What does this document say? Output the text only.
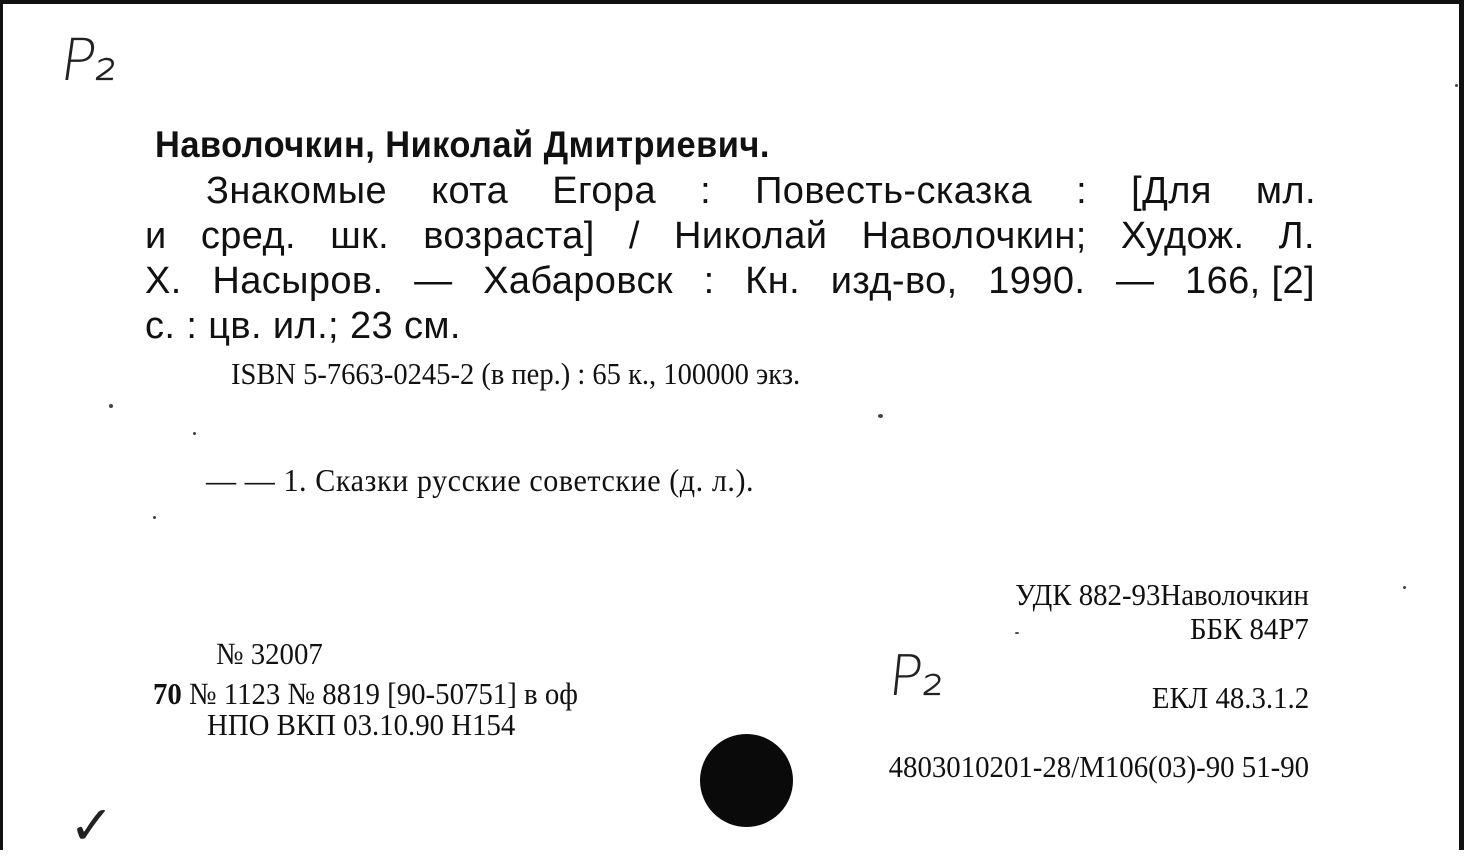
Р₂
Наволочкин, Николай Дмитриевич.
Знакомые кота Егора : Повесть-сказка : [Для мл.
и сред. шк. возраста] / Николай Наволочкин; Худож. Л.
Х. Насыров. — Хабаровск : Кн. изд-во, 1990. — 166, [2]
с. : цв. ил.; 23 см.
ISBN 5-7663-0245-2 (в пер.) : 65 к., 100000 экз.
— — 1. Сказки русские советские (д. л.).
УДК 882-93Наволочкин
ББК 84Р7
№ 32007
70 № 1123 № 8819 [90-50751] в оф
НПО ВКП 03.10.90 Н154
Р₂	ЕКЛ 48.3.1.2
4803010201-28/М106(03)-90 51-90
✓
